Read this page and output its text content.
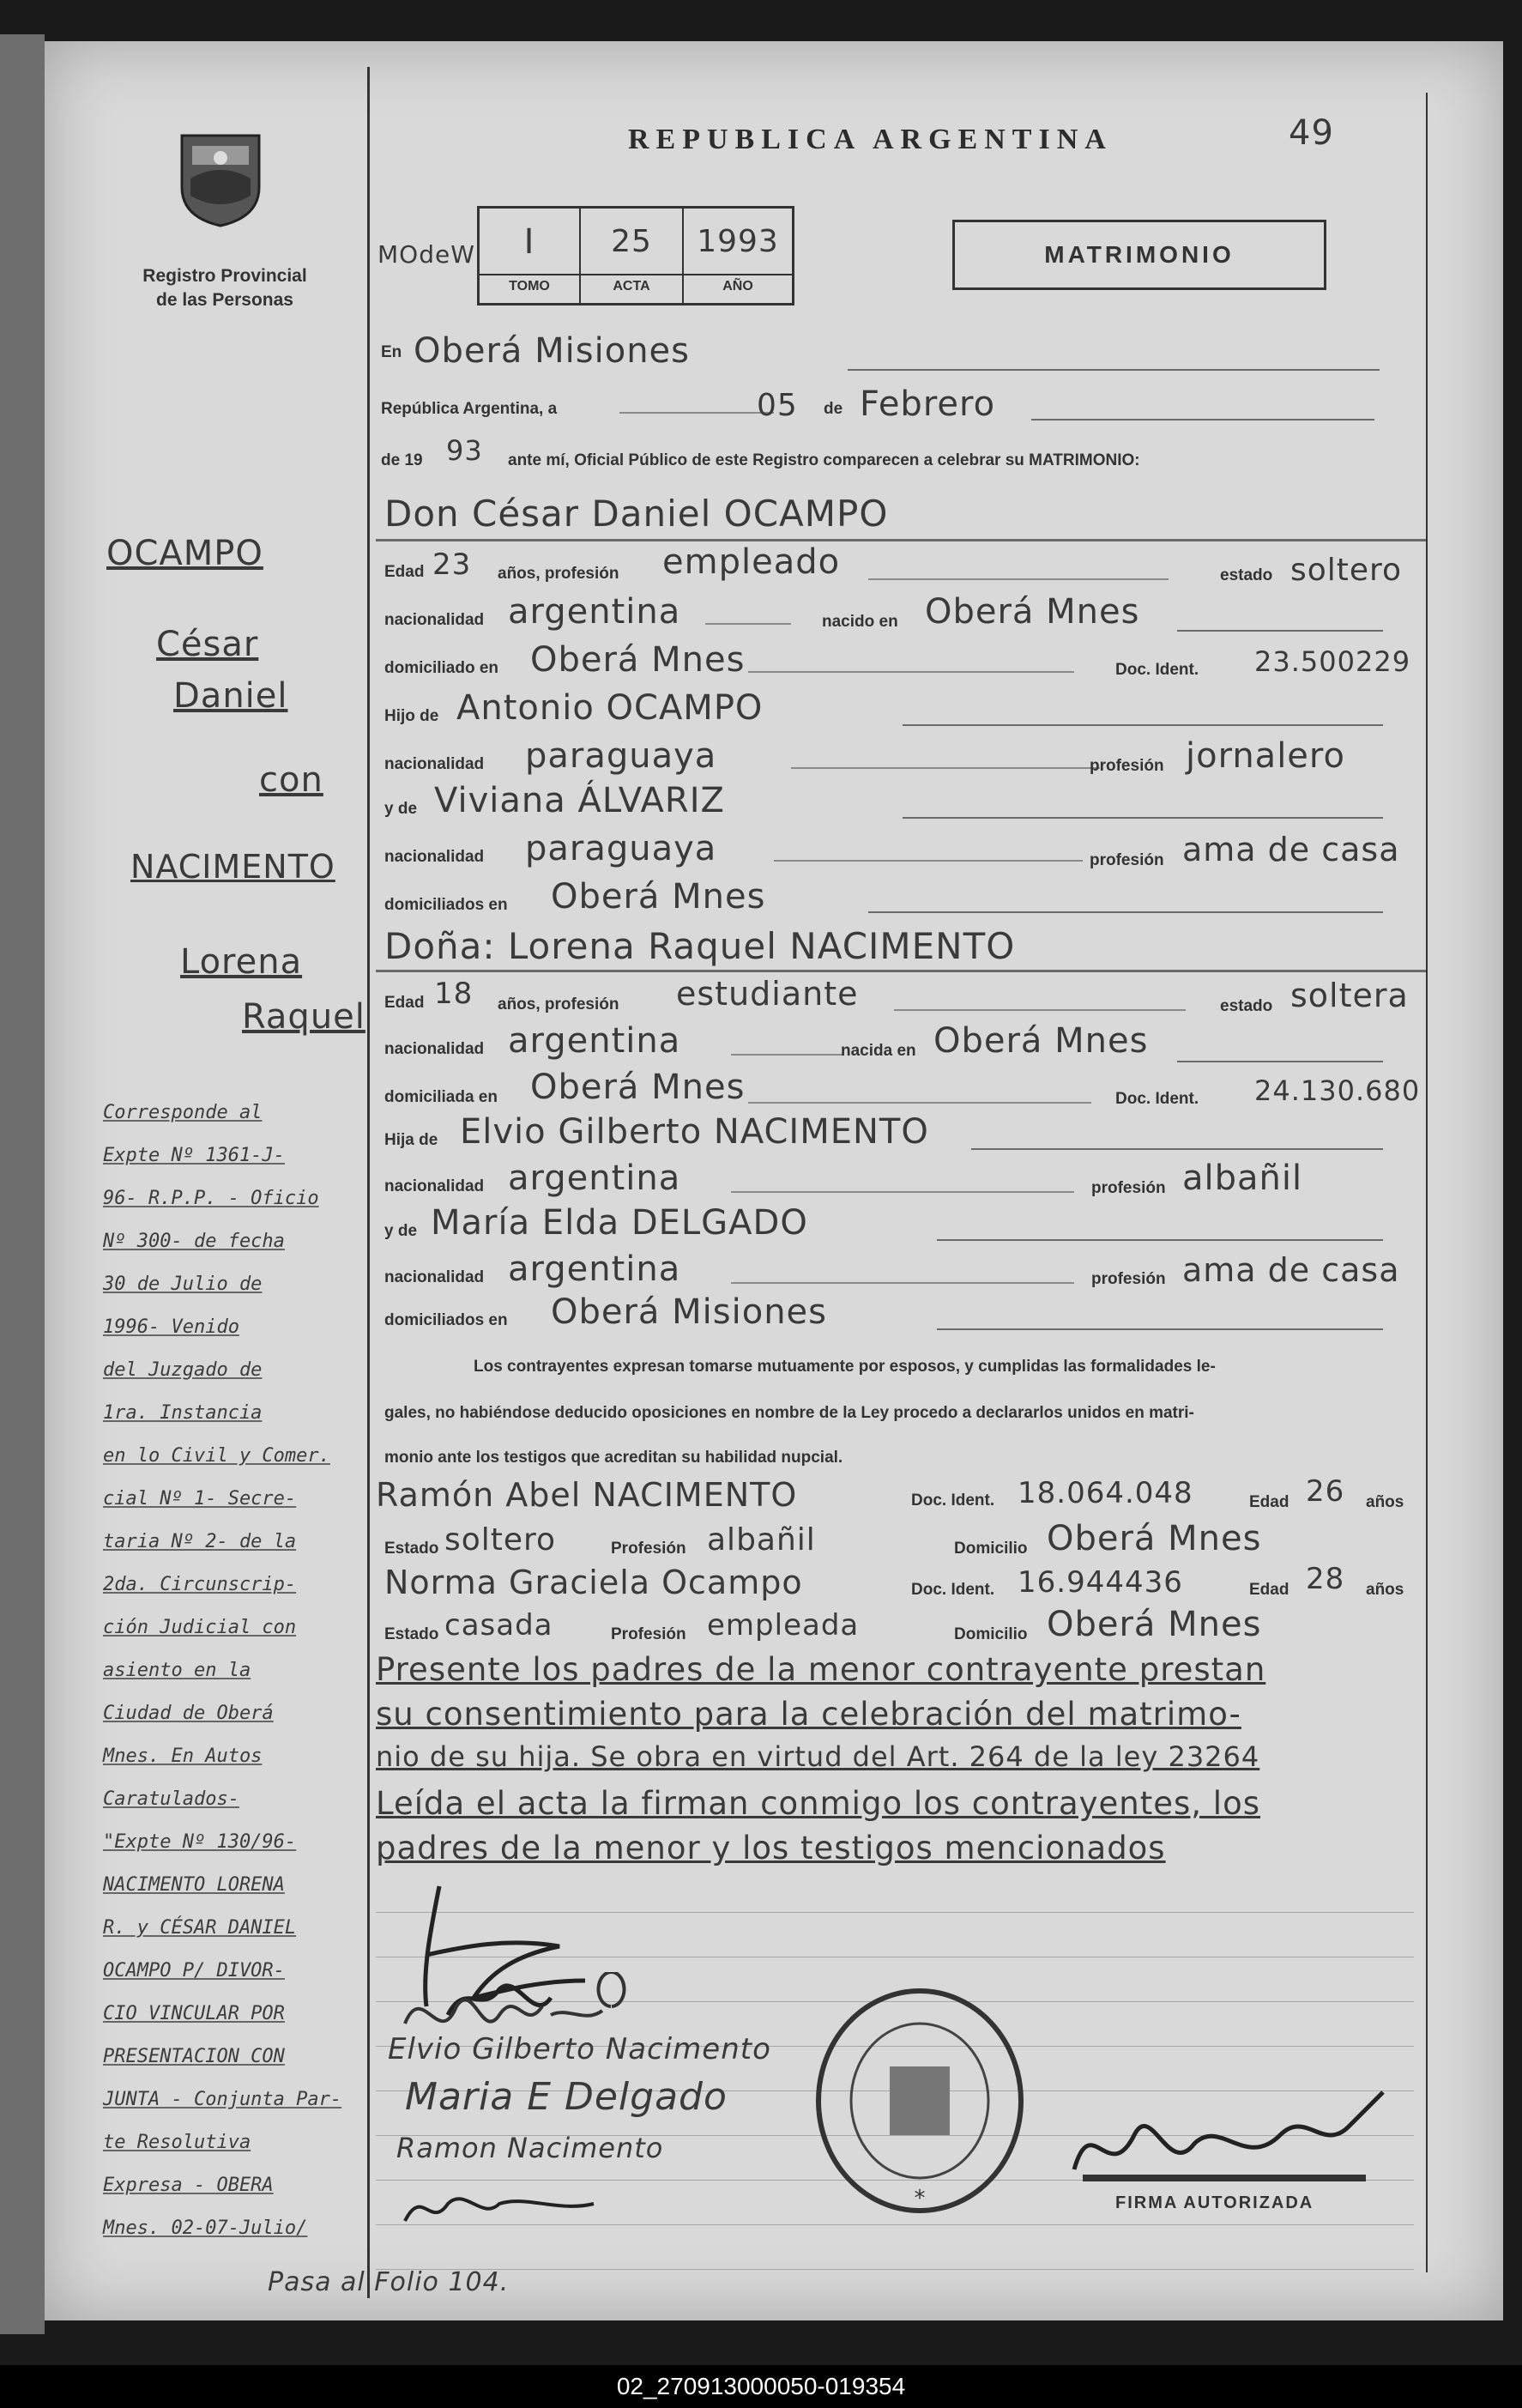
Registro Provincial
de las Personas
REPUBLICA ARGENTINA	49
MOdeW	I	25	1993
TOMO	ACTA	AÑO
MATRIMONIO
En Oberá Misiones
República Argentina, a	05 de Febrero
de 19 93 ante mí, Oficial Público de este Registro comparecen a celebrar su MATRIMONIO:
Don César Daniel OCAMPO
Edad 23 años, profesión empleado	estado soltero
nacionalidad argentina	nacido en Oberá Mnes
domiciliado en Oberá Mnes	Doc. Ident. 23.500229
Hijo de Antonio OCAMPO
nacionalidad paraguaya	profesión jornalero
y de Viviana ÁLVARIZ
nacionalidad paraguaya	profesión ama de casa
domiciliados en Oberá Mnes
Doña: Lorena Raquel NACIMENTO
Edad 18 años, profesión estudiante	estado soltera
nacionalidad argentina	nacida en Oberá Mnes
domiciliada en Oberá Mnes	Doc. Ident. 24.130.680
Hija de Elvio Gilberto NACIMENTO
nacionalidad argentina	profesión albañil
y de María Elda DELGADO
nacionalidad argentina	profesión ama de casa
domiciliados en Oberá Misiones
Los contrayentes expresan tomarse mutuamente por esposos, y cumplidas las formalidades le-
gales, no habiéndose deducido oposiciones en nombre de la Ley procedo a declararlos unidos en matri-
monio ante los testigos que acreditan su habilidad nupcial.
Ramón Abel NACIMENTO	Doc. Ident. 18.064.048	Edad 26 años
Estado soltero	Profesión albañil	Domicilio Oberá Mnes
Norma Graciela Ocampo	Doc. Ident. 16.944436	Edad 28 años
Estado casada	Profesión empleada	Domicilio Oberá Mnes
Presente los padres de la menor contrayente prestan
su consentimiento para la celebración del matrimo-
nio de su hija. Se obra en virtud del Art. 264 de la ley 23264
Leída el acta la firman conmigo los contrayentes, los
padres de la menor y los testigos mencionados
Elvio Gilberto Nacimento
Maria E Delgado
Ramon Nacimento
*	FIRMA AUTORIZADA
OCAMPO
César
Daniel
con
NACIMENTO
Lorena
Raquel
Corresponde al
Expte Nº 1361-J-
96- R.P.P. - Oficio
Nº 300- de fecha
30 de Julio de
1996- Venido
del Juzgado de
1ra. Instancia
en lo Civil y Comer.
cial Nº 1- Secre-
taria Nº 2- de la
2da. Circunscrip-
ción Judicial con
asiento en la
Ciudad de Oberá
Mnes. En Autos
Caratulados-
"Expte Nº 130/96-
NACIMENTO LORENA
R. y CÉSAR DANIEL
OCAMPO P/ DIVOR-
CIO VINCULAR POR
PRESENTACION CON
JUNTA - Conjunta Par-
te Resolutiva
Expresa - OBERA
Mnes. 02-07-Julio/
Pasa al Folio 104.
02_270913000050-019354
